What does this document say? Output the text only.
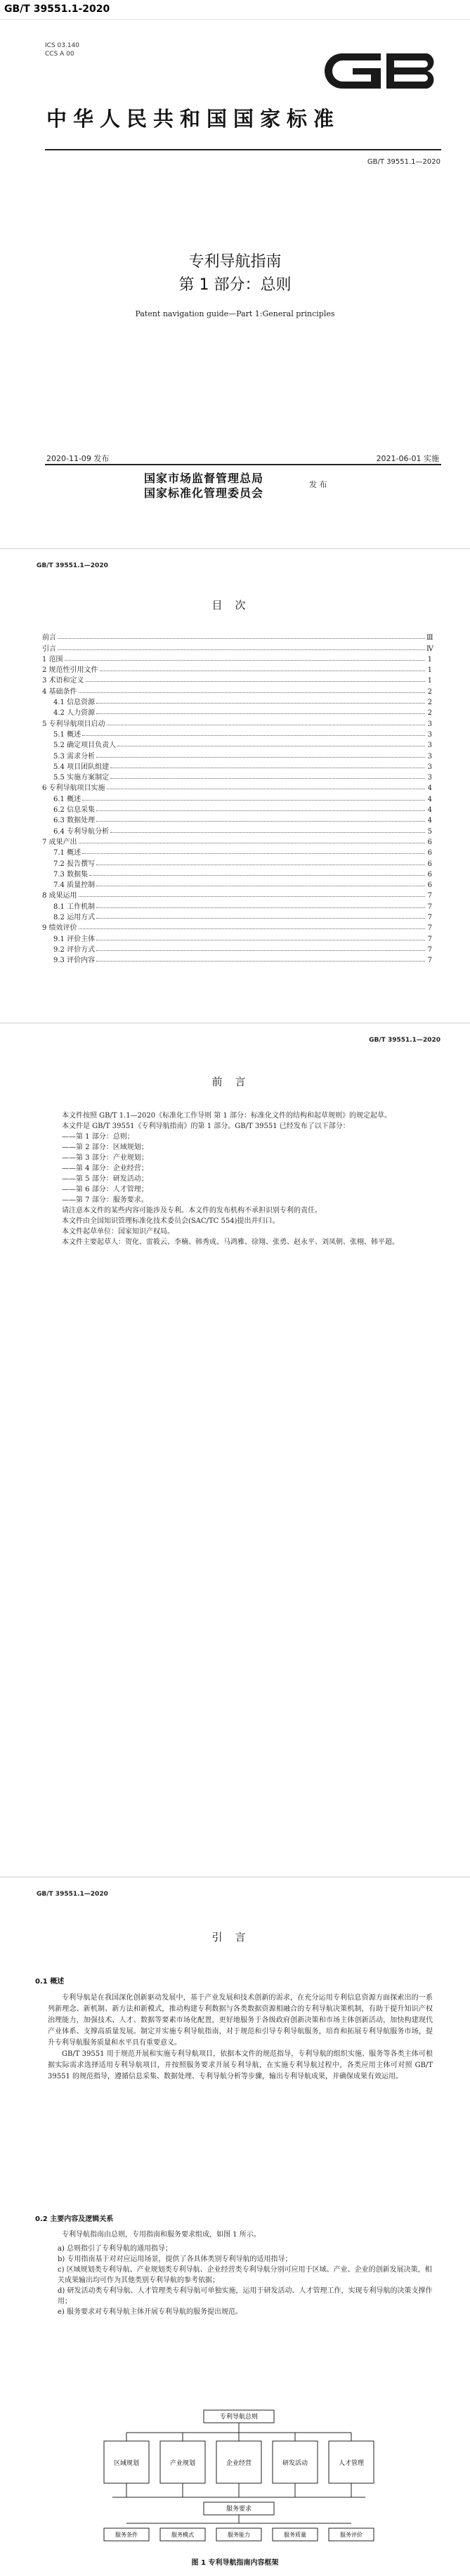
GB/T 39551.1-2020
ICS 03.140
CCS A 00
中华人民共和国国家标准
GB/T 39551.1—2020
专利导航指南
第 1 部分：总则
Patent navigation guide—Part 1:General principles
2020-11-09 发布	2021-06-01 实施
国家市场监督管理总局
国家标准化管理委员会
发 布
GB/T 39551.1—2020
目次
前言	Ⅲ
引言	Ⅳ
1 范围	1
2 规范性引用文件	1
3 术语和定义	1
4 基础条件	2
4.1 信息资源	2
4.2 人力资源	2
5 专利导航项目启动	3
5.1 概述	3
5.2 确定项目负责人	3
5.3 需求分析	3
5.4 项目团队组建	3
5.5 实施方案制定	3
6 专利导航项目实施	4
6.1 概述	4
6.2 信息采集	4
6.3 数据处理	4
6.4 专利导航分析	5
7 成果产出	6
7.1 概述	6
7.2 报告撰写	6
7.3 数据集	6
7.4 质量控制	6
8 成果运用	7
8.1 工作机制	7
8.2 运用方式	7
9 绩效评价	7
9.1 评价主体	7
9.2 评价方式	7
9.3 评价内容	7
GB/T 39551.1—2020
前言

本文件按照 GB/T 1.1—2020《标准化工作导则 第 1 部分：标准化文件的结构和起草规则》的规定起草。

本文件是 GB/T 39551《专利导航指南》的第 1 部分。GB/T 39551 已经发布了以下部分：

——第 1 部分：总则；
——第 2 部分：区域规划；
——第 3 部分：产业规划；
——第 4 部分：企业经营；
——第 5 部分：研发活动；
——第 6 部分：人才管理；
——第 7 部分：服务要求。

请注意本文件的某些内容可能涉及专利。本文件的发布机构不承担识别专利的责任。

本文件由全国知识管理标准化技术委员会(SAC/TC 554)提出并归口。

本文件起草单位：国家知识产权局。

本文件主要起草人：贺化、雷筱云、李楠、韩秀成、马鸿雅、徐翔、张勇、赵永平、刘凤朝、张栩、韩平超。

GB/T 39551.1—2020
引言
0.1 概述

专利导航是在我国深化创新驱动发展中，基于产业发展和技术创新的需求，在充分运用专利信息资源方面探索出的一系列新理念、新机制、新方法和新模式，推动构建专利数据与各类数据资源相融合的专利导航决策机制，有助于提升知识产权治理能力，加强技术、人才、数据等要素市场化配置，更好地服务于各级政府创新决策和市场主体创新活动，加快构建现代产业体系、支撑高质量发展。制定并实施专利导航指南，对于规范和引导专利导航服务，培育和拓展专利导航服务市场，提升专利导航服务质量和水平具有重要意义。

GB/T 39551 用于规范开展和实施专利导航项目，依据本文件的规范指导，专利导航的组织实施、服务等各类主体可根据实际需求选择适用专利导航项目，并按照服务要求开展专利导航，在实施专利导航过程中，各类应用主体可对照 GB/T 39551 的规范指导，遵循信息采集、数据处理、专利导航分析等步骤，输出专利导航成果，并确保成果有效运用。

0.2 主要内容及逻辑关系

专利导航指南由总则，专用指南和服务要求组成，如图 1 所示。

a) 总则指引了专利导航的通用指导；
b) 专用指南基于对对应运用场景，提供了各具体类别专利导航的适用指导；
c) 区域规划类专利导航、产业规划类专利导航、企业经营类专利导航分别可应用于区域、产业、企业的创新发展决策，相关成果输出均可作为其他类别专利导航的参考依据；
d) 研发活动类专利导航、人才管理类专利导航可单独实施，运用于研发活动、人才管理工作，实现专利导航的决策支撑作用；
e) 服务要求对专利导航主体开展专利导航的服务提出规范。
专利导航总则
区域规划	产业规划	企业经营	研发活动	人才管理
服务要求
服务条件	服务模式	服务能力	服务质量	服务评价
图 1 专利导航指南内容框架
